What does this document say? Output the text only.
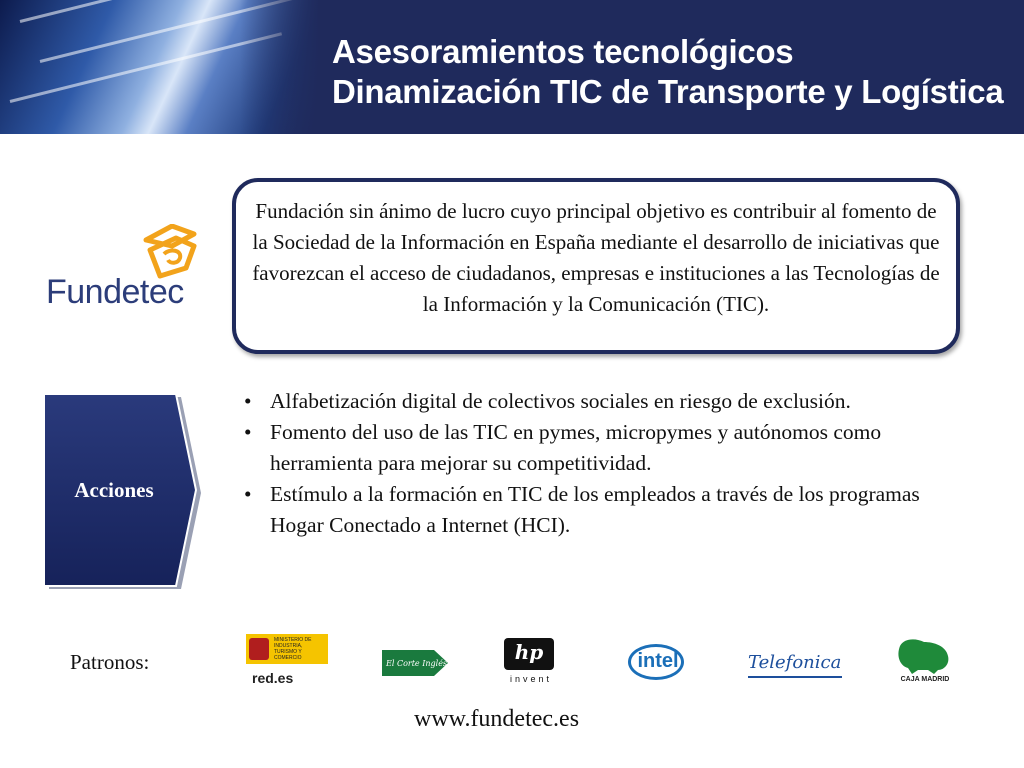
Asesoramientos tecnológicos
Dinamización TIC de Transporte y Logística
Fundetec
Fundación sin ánimo de lucro cuyo principal objetivo es contribuir al fomento de la Sociedad de la Información en España mediante el desarrollo de iniciativas que favorezcan el acceso de ciudadanos, empresas e instituciones a las Tecnologías de la Información y la Comunicación (TIC).
Acciones
• Alfabetización digital de colectivos sociales en riesgo de exclusión.
• Fomento del uso de las TIC en pymes, micropymes y autónomos como herramienta para mejorar su competitividad.
• Estímulo a la formación en TIC de los empleados a través de los programas Hogar Conectado a Internet (HCI).
Patronos:
MINISTERIO DE INDUSTRIA, TURISMO Y COMERCIO
red.es
El Corte Inglés	hp
invent
intel	Telefonica
CAJA MADRID
www.fundetec.es
